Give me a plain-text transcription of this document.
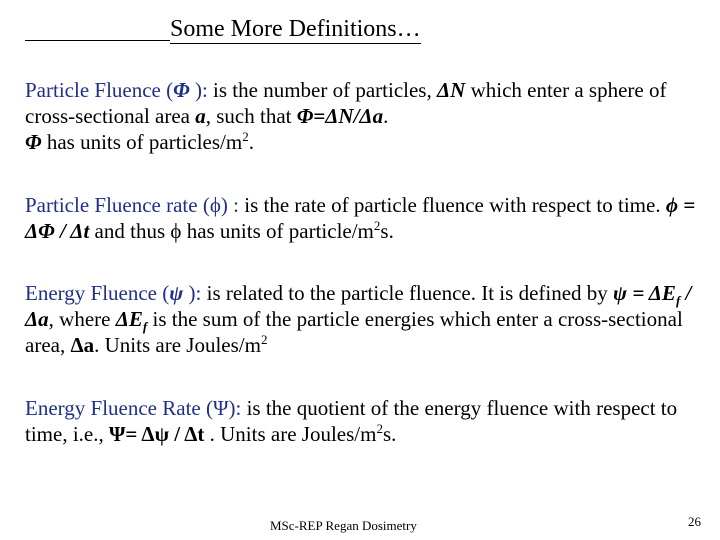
Some More Definitions…
Particle Fluence (Φ ): is the number of particles, ΔN which enter a sphere of cross-sectional area a, such that Φ=ΔN/Δa.
Φ has units of particles/$m^2$.
Particle Fluence rate (ϕ) : is the rate of particle fluence with respect to time. ϕ = ΔΦ / Δt and thus ϕ has units of particle/$m^2s$.
Energy Fluence (ψ ): is related to the particle fluence. It is defined by $\psi = \Delta E_f / \Delta a$, where $\Delta E_f$ is the sum of the particle energies which enter a cross-sectional area, Δa. Units are Joules/$m^2$
Energy Fluence Rate (Ψ): is the quotient of the energy fluence with respect to time, i.e., Ψ= Δψ / Δt . Units are Joules/$m^2s$.
MSc-REP Regan Dosimetry	26
